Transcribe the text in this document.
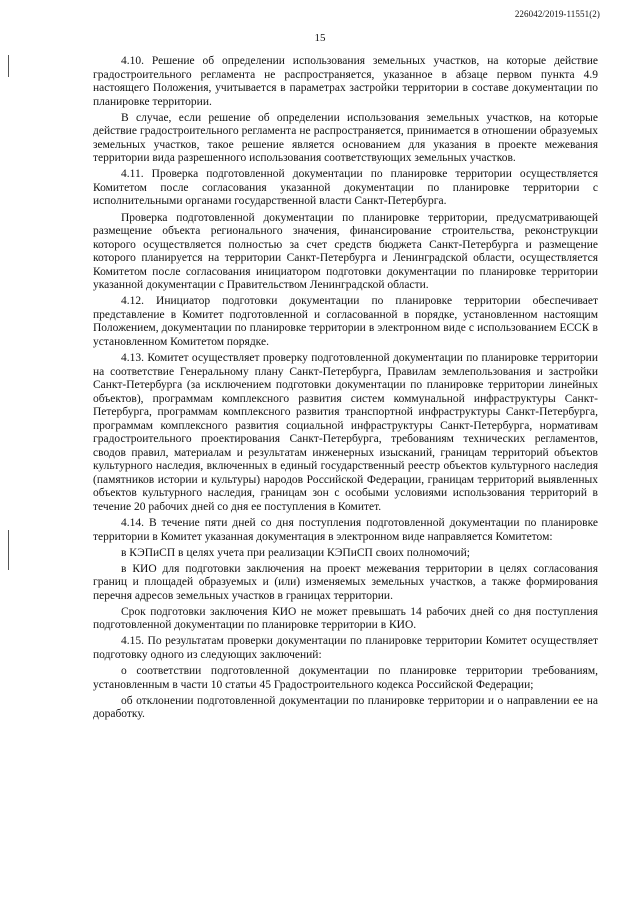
226042/2019-11551(2)
15

4.10. Решение об определении использования земельных участков, на которые действие градостроительного регламента не распространяется, указанное в абзаце первом пункта 4.9 настоящего Положения, учитывается в параметрах застройки территории в составе документации по планировке территории.

В случае, если решение об определении использования земельных участков, на которые действие градостроительного регламента не распространяется, принимается в отношении образуемых земельных участков, такое решение является основанием для указания в проекте межевания территории вида разрешенного использования соответствующих земельных участков.

4.11. Проверка подготовленной документации по планировке территории осуществляется Комитетом после согласования указанной документации по планировке территории с исполнительными органами государственной власти Санкт-Петербурга.

Проверка подготовленной документации по планировке территории, предусматривающей размещение объекта регионального значения, финансирование строительства, реконструкции которого осуществляется полностью за счет средств бюджета Санкт-Петербурга и размещение которого планируется на территории Санкт-Петербурга и Ленинградской области, осуществляется Комитетом после согласования инициатором подготовки документации по планировке территории указанной документации с Правительством Ленинградской области.

4.12. Инициатор подготовки документации по планировке территории обеспечивает представление в Комитет подготовленной и согласованной в порядке, установленном настоящим Положением, документации по планировке территории в электронном виде с использованием ЕССК в установленном Комитетом порядке.

4.13. Комитет осуществляет проверку подготовленной документации по планировке территории на соответствие Генеральному плану Санкт-Петербурга, Правилам землепользования и застройки Санкт-Петербурга (за исключением подготовки документации по планировке территории линейных объектов), программам комплексного развития систем коммунальной инфраструктуры Санкт-Петербурга, программам комплексного развития транспортной инфраструктуры Санкт-Петербурга, программам комплексного развития социальной инфраструктуры Санкт-Петербурга, нормативам градостроительного проектирования Санкт-Петербурга, требованиям технических регламентов, сводов правил, материалам и результатам инженерных изысканий, границам территорий объектов культурного наследия, включенных в единый государственный реестр объектов культурного наследия (памятников истории и культуры) народов Российской Федерации, границам территорий выявленных объектов культурного наследия, границам зон с особыми условиями использования территорий в течение 20 рабочих дней со дня ее поступления в Комитет.

4.14. В течение пяти дней со дня поступления подготовленной документации по планировке территории в Комитет указанная документация в электронном виде направляется Комитетом:

в КЭПиСП в целях учета при реализации КЭПиСП своих полномочий;

в КИО для подготовки заключения на проект межевания территории в целях согласования границ и площадей образуемых и (или) изменяемых земельных участков, а также формирования перечня адресов земельных участков в границах территории.

Срок подготовки заключения КИО не может превышать 14 рабочих дней со дня поступления подготовленной документации по планировке территории в КИО.

4.15. По результатам проверки документации по планировке территории Комитет осуществляет подготовку одного из следующих заключений:

о соответствии подготовленной документации по планировке территории требованиям, установленным в части 10 статьи 45 Градостроительного кодекса Российской Федерации;

об отклонении подготовленной документации по планировке территории и о направлении ее на доработку.
